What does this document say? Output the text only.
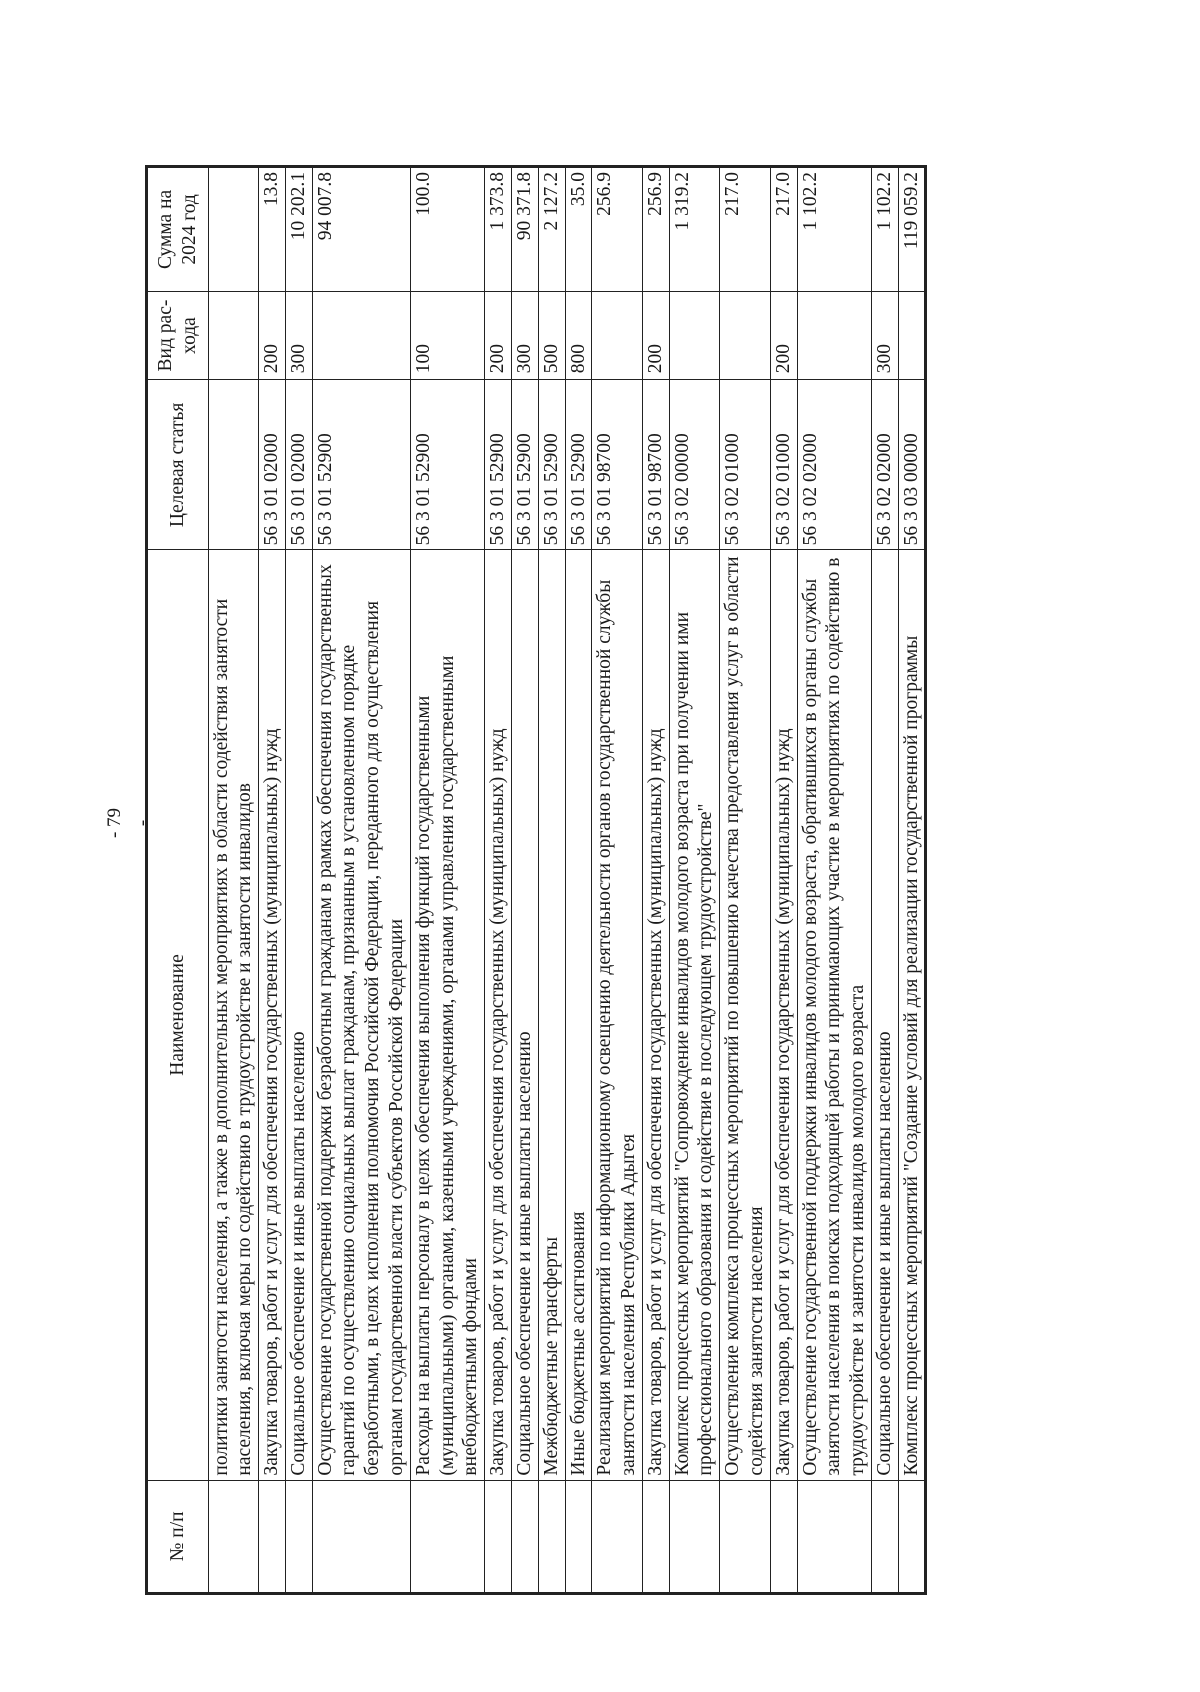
- 79 -
№ п/п	Наименование	Целевая статья	Вид рас-хода	Сумма на 2024 год
	политики занятости населения, а также в дополнительных мероприятиях в области содействия занятости населения, включая меры по содействию в трудоустройстве и занятости инвалидов			
	Закупка товаров, работ и услуг для обеспечения государственных (муниципальных) нужд	56 3 01 02000	200	13.8
	Социальное обеспечение и иные выплаты населению	56 3 01 02000	300	10 202.1
	Осуществление государственной поддержки безработным гражданам в рамках обеспечения государственных гарантий по осуществлению социальных выплат гражданам, признанным в установленном порядке безработными, в целях исполнения полномочия Российской Федерации, переданного для осуществления органам государственной власти субъектов Российской Федерации	56 3 01 52900		94 007.8
	Расходы на выплаты персоналу в целях обеспечения выполнения функций государственными (муниципальными) органами, казенными учреждениями, органами управления государственными внебюджетными фондами	56 3 01 52900	100	100.0
	Закупка товаров, работ и услуг для обеспечения государственных (муниципальных) нужд	56 3 01 52900	200	1 373.8
	Социальное обеспечение и иные выплаты населению	56 3 01 52900	300	90 371.8
	Межбюджетные трансферты	56 3 01 52900	500	2 127.2
	Иные бюджетные ассигнования	56 3 01 52900	800	35.0
	Реализация мероприятий по информационному освещению деятельности органов государственной службы занятости населения Республики Адыгея	56 3 01 98700		256.9
	Закупка товаров, работ и услуг для обеспечения государственных (муниципальных) нужд	56 3 01 98700	200	256.9
	Комплекс процессных мероприятий "Сопровождение инвалидов молодого возраста при получении ими профессионального образования и содействие в последующем трудоустройстве"	56 3 02 00000		1 319.2
	Осуществление комплекса процессных мероприятий по повышению качества предоставления услуг в области содействия занятости населения	56 3 02 01000		217.0
	Закупка товаров, работ и услуг для обеспечения государственных (муниципальных) нужд	56 3 02 01000	200	217.0
	Осуществление государственной поддержки инвалидов молодого возраста, обратившихся в органы службы занятости населения в поисках подходящей работы и принимающих участие в мероприятиях по содействию в трудоустройстве и занятости инвалидов молодого возраста	56 3 02 02000		1 102.2
	Социальное обеспечение и иные выплаты населению	56 3 02 02000	300	1 102.2
	Комплекс процессных мероприятий "Создание условий для реализации государственной программы	56 3 03 00000		119 059.2
